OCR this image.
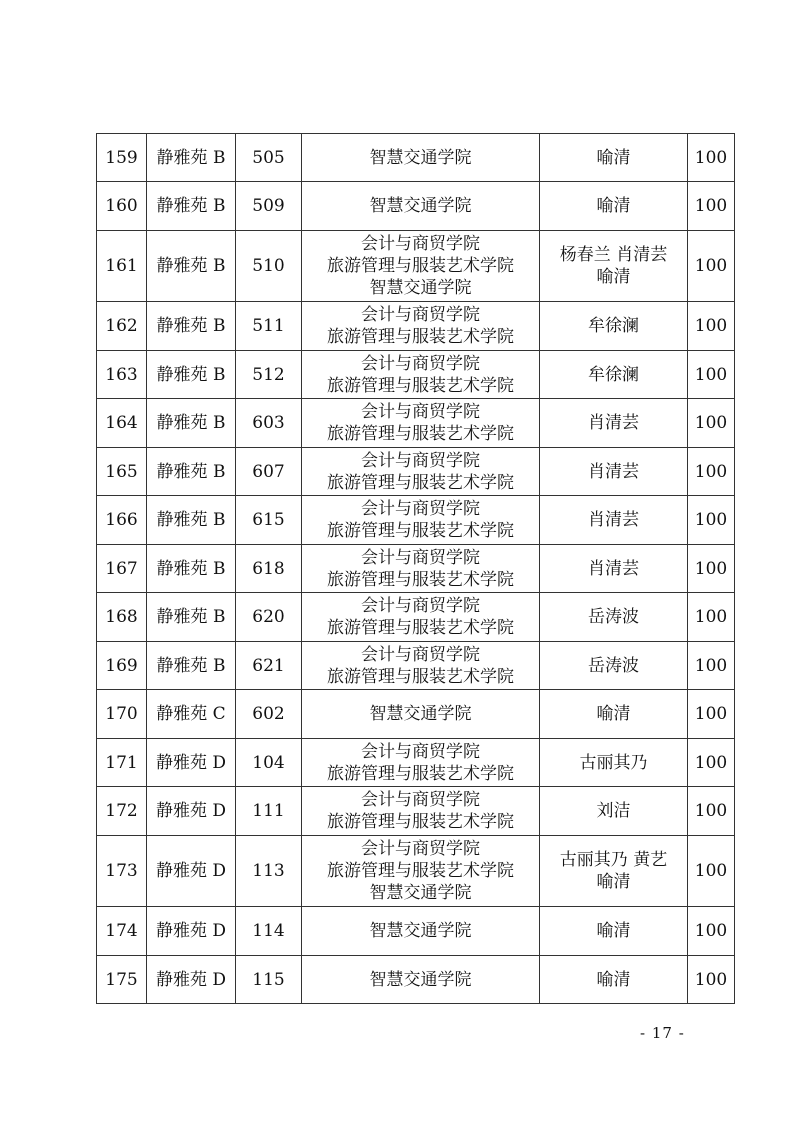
159	静雅苑 B	505	智慧交通学院	喻清	100
160	静雅苑 B	509	智慧交通学院	喻清	100
161	静雅苑 B	510	会计与商贸学院
旅游管理与服装艺术学院
智慧交通学院	杨春兰 肖清芸
喻清	100
162	静雅苑 B	511	会计与商贸学院
旅游管理与服装艺术学院	牟徐澜	100
163	静雅苑 B	512	会计与商贸学院
旅游管理与服装艺术学院	牟徐澜	100
164	静雅苑 B	603	会计与商贸学院
旅游管理与服装艺术学院	肖清芸	100
165	静雅苑 B	607	会计与商贸学院
旅游管理与服装艺术学院	肖清芸	100
166	静雅苑 B	615	会计与商贸学院
旅游管理与服装艺术学院	肖清芸	100
167	静雅苑 B	618	会计与商贸学院
旅游管理与服装艺术学院	肖清芸	100
168	静雅苑 B	620	会计与商贸学院
旅游管理与服装艺术学院	岳涛波	100
169	静雅苑 B	621	会计与商贸学院
旅游管理与服装艺术学院	岳涛波	100
170	静雅苑 C	602	智慧交通学院	喻清	100
171	静雅苑 D	104	会计与商贸学院
旅游管理与服装艺术学院	古丽其乃	100
172	静雅苑 D	111	会计与商贸学院
旅游管理与服装艺术学院	刘洁	100
173	静雅苑 D	113	会计与商贸学院
旅游管理与服装艺术学院
智慧交通学院	古丽其乃 黄艺
喻清	100
174	静雅苑 D	114	智慧交通学院	喻清	100
175	静雅苑 D	115	智慧交通学院	喻清	100
- 17 -
